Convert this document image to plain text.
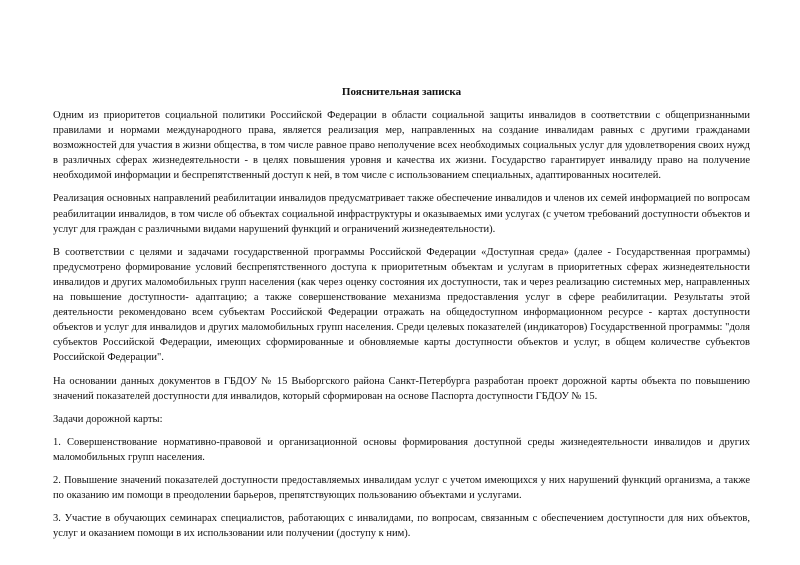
Пояснительная записка

Одним из приоритетов социальной политики Российской Федерации в области социальной защиты инвалидов в соответствии с общепризнанными правилами и нормами международного права, является реализация мер, направленных на создание инвалидам равных с другими гражданами возможностей для участия в жизни общества, в том числе равное право неполучение всех необходимых социальных услуг для удовлетворения своих нужд в различных сферах жизнедеятельности - в целях повышения уровня и качества их жизни. Государство гарантирует инвалиду право на получение необходимой информации и беспрепятственный доступ к ней, в том числе с использованием специальных, адаптированных носителей.

Реализация основных направлений реабилитации инвалидов предусматривает также обеспечение инвалидов и членов их семей информацией по вопросам реабилитации инвалидов, в том числе об объектах социальной инфраструктуры и оказываемых ими услугах (с учетом требований доступности объектов и услуг для граждан с различными видами нарушений функций и ограничений жизнедеятельности).

В соответствии с целями и задачами государственной программы Российской Федерации «Доступная среда» (далее - Государственная программы) предусмотрено формирование условий беспрепятственного доступа к приоритетным объектам и услугам в приоритетных сферах жизнедеятельности инвалидов и других маломобильных групп населения (как через оценку состояния их доступности, так и через реализацию системных мер, направленных на повышение доступности- адаптацию; а также совершенствование механизма предоставления услуг в сфере реабилитации. Результаты этой деятельности рекомендовано всем субъектам Российской Федерации отражать на общедоступном информационном ресурсе - картах доступности объектов и услуг для инвалидов и других маломобильных групп населения. Среди целевых показателей (индикаторов) Государственной программы: "доля субъектов Российской Федерации, имеющих сформированные и обновляемые карты доступности объектов и услуг, в общем количестве субъектов Российской Федерации".

На основании данных документов в ГБДОУ № 15 Выборгского района Санкт-Петербурга разработан проект дорожной карты объекта по повышению значений показателей доступности для инвалидов, который сформирован на основе Паспорта доступности ГБДОУ № 15.

Задачи дорожной карты:

1. Совершенствование нормативно-правовой и организационной основы формирования доступной среды жизнедеятельности инвалидов и других маломобильных групп населения.

2. Повышение значений показателей доступности предоставляемых инвалидам услуг с учетом имеющихся у них нарушений функций организма, а также по оказанию им помощи в преодолении барьеров, препятствующих пользованию объектами и услугами.

3. Участие в обучающих семинарах специалистов, работающих с инвалидами, по вопросам, связанным с обеспечением доступности для них объектов, услуг и оказанием помощи в их использовании или получении (доступу к ним).
